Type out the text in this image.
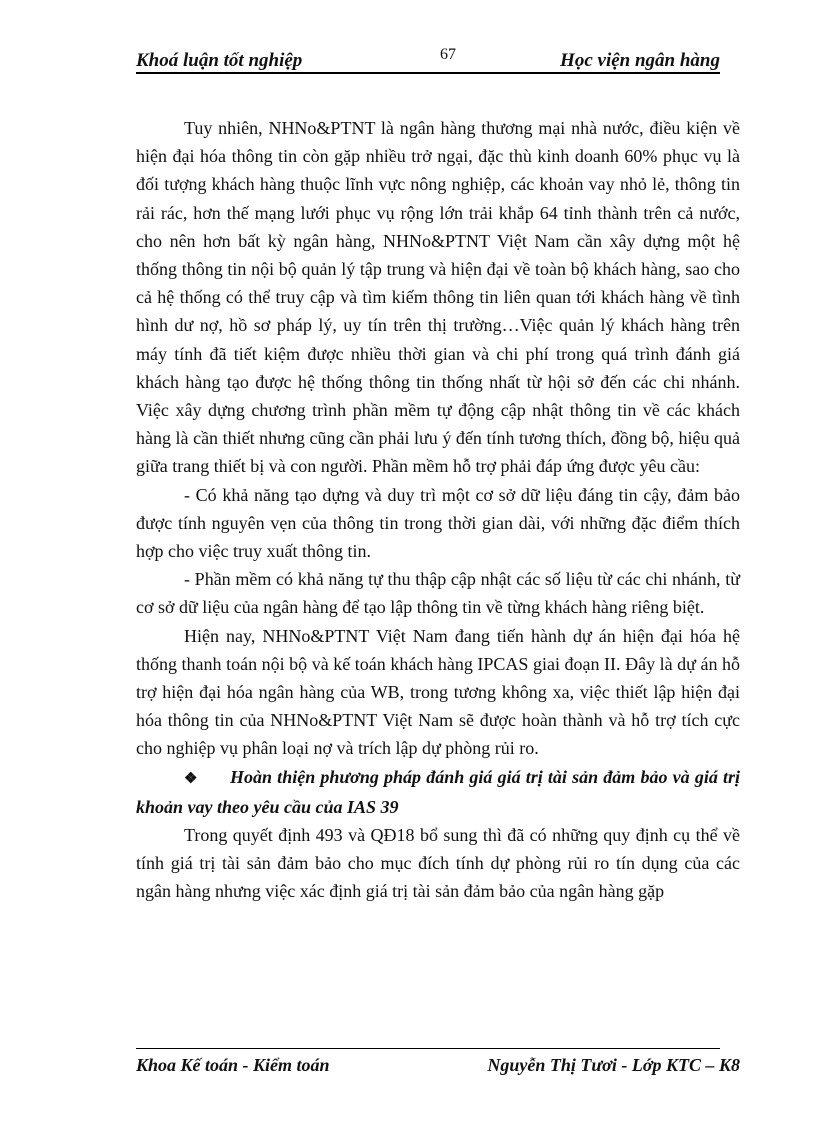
Khoá luận tốt nghiệp	67	Học viện ngân hàng

Tuy nhiên, NHNo&PTNT là ngân hàng thương mại nhà nước, điều kiện về hiện đại hóa thông tin còn gặp nhiều trở ngại, đặc thù kinh doanh 60% phục vụ là đối tượng khách hàng thuộc lĩnh vực nông nghiệp, các khoản vay nhỏ lẻ, thông tin rải rác, hơn thế mạng lưới phục vụ rộng lớn trải khắp 64 tỉnh thành trên cả nước, cho nên hơn bất kỳ ngân hàng, NHNo&PTNT Việt Nam cần xây dựng một hệ thống thông tin nội bộ quản lý tập trung và hiện đại về toàn bộ khách hàng, sao cho cả hệ thống có thể truy cập và tìm kiếm thông tin liên quan tới khách hàng về tình hình dư nợ, hồ sơ pháp lý, uy tín trên thị trường…Việc quản lý khách hàng trên máy tính đã tiết kiệm được nhiều thời gian và chi phí trong quá trình đánh giá khách hàng tạo được hệ thống thông tin thống nhất từ hội sở đến các chi nhánh. Việc xây dựng chương trình phần mềm tự động cập nhật thông tin về các khách hàng là cần thiết nhưng cũng cần phải lưu ý đến tính tương thích, đồng bộ, hiệu quả giữa trang thiết bị và con người. Phần mềm hỗ trợ phải đáp ứng được yêu cầu:

- Có khả năng tạo dựng và duy trì một cơ sở dữ liệu đáng tin cậy, đảm bảo được tính nguyên vẹn của thông tin trong thời gian dài, với những đặc điểm thích hợp cho việc truy xuất thông tin.

- Phần mềm có khả năng tự thu thập cập nhật các số liệu từ các chi nhánh, từ cơ sở dữ liệu của ngân hàng để tạo lập thông tin về từng khách hàng riêng biệt.

Hiện nay, NHNo&PTNT Việt Nam đang tiến hành dự án hiện đại hóa hệ thống thanh toán nội bộ và kế toán khách hàng IPCAS giai đoạn II. Đây là dự án hỗ trợ hiện đại hóa ngân hàng của WB, trong tương không xa, việc thiết lập hiện đại hóa thông tin của NHNo&PTNT Việt Nam sẽ được hoàn thành và hỗ trợ tích cực cho nghiệp vụ phân loại nợ và trích lập dự phòng rủi ro.

❖ Hoàn thiện phương pháp đánh giá giá trị tài sản đảm bảo và giá trị khoản vay theo yêu cầu của IAS 39

Trong quyết định 493 và QĐ18 bổ sung thì đã có những quy định cụ thể về tính giá trị tài sản đảm bảo cho mục đích tính dự phòng rủi ro tín dụng của các ngân hàng nhưng việc xác định giá trị tài sản đảm bảo của ngân hàng gặp

Khoa Kế toán - Kiểm toán	Nguyễn Thị Tươi - Lớp KTC – K8
